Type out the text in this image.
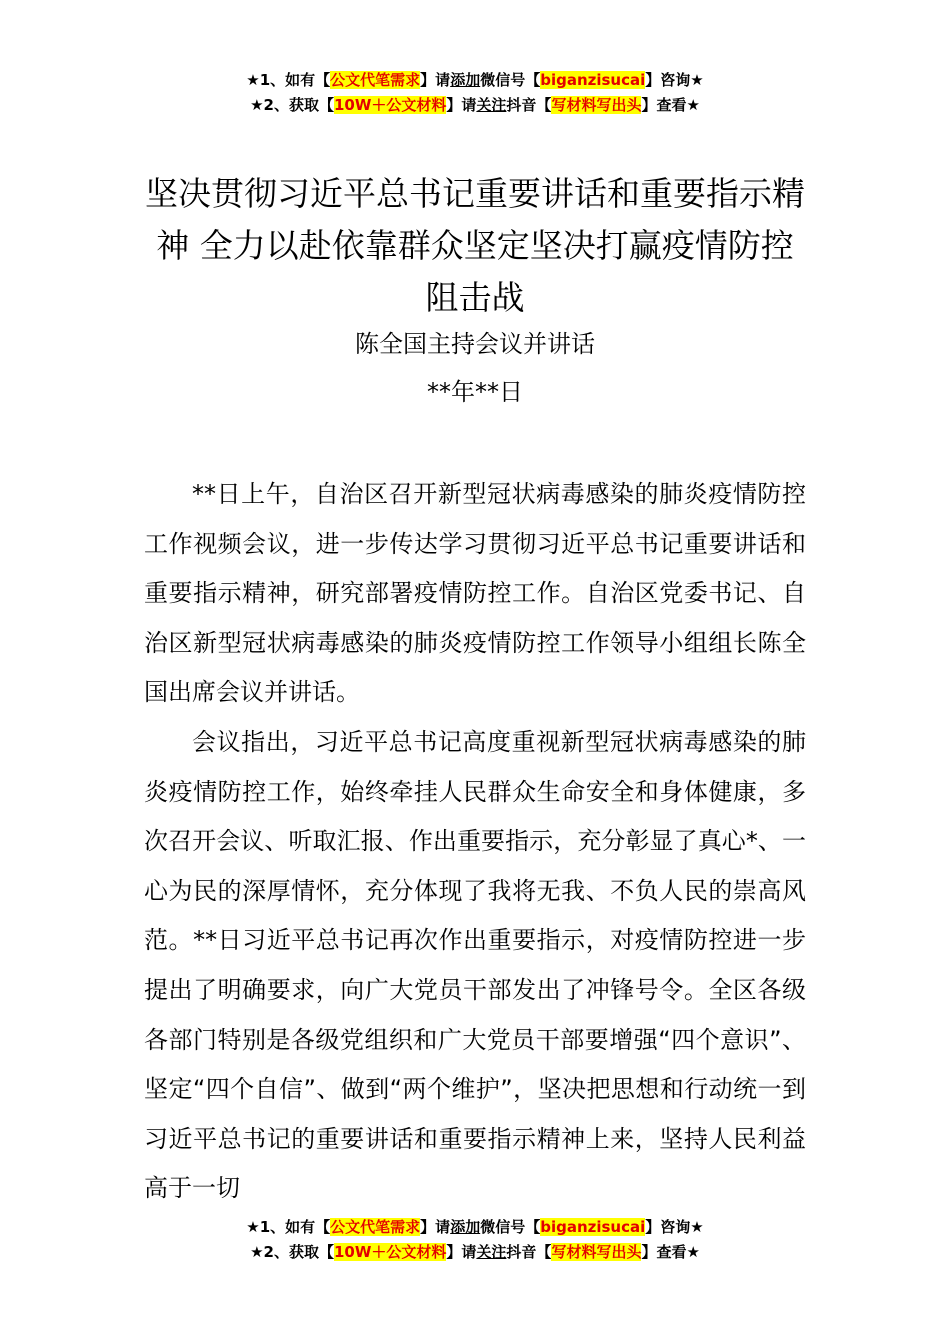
★1、如有【公文代笔需求】请添加微信号【biganzisucai】咨询★
★2、获取【10W＋公文材料】请关注抖音【写材料写出头】查看★
坚决贯彻习近平总书记重要讲话和重要指示精神 全力以赴依靠群众坚定坚决打赢疫情防控阻击战
陈全国主持会议并讲话
**年**日

**日上午，自治区召开新型冠状病毒感染的肺炎疫情防控工作视频会议，进一步传达学习贯彻习近平总书记重要讲话和重要指示精神，研究部署疫情防控工作。自治区党委书记、自治区新型冠状病毒感染的肺炎疫情防控工作领导小组组长陈全国出席会议并讲话。

会议指出，习近平总书记高度重视新型冠状病毒感染的肺炎疫情防控工作，始终牵挂人民群众生命安全和身体健康，多次召开会议、听取汇报、作出重要指示，充分彰显了真心*、一心为民的深厚情怀，充分体现了我将无我、不负人民的崇高风范。**日习近平总书记再次作出重要指示，对疫情防控进一步提出了明确要求，向广大党员干部发出了冲锋号令。全区各级各部门特别是各级党组织和广大党员干部要增强“四个意识”、坚定“四个自信”、做到“两个维护”，坚决把思想和行动统一到习近平总书记的重要讲话和重要指示精神上来，坚持人民利益高于一切

★1、如有【公文代笔需求】请添加微信号【biganzisucai】咨询★
★2、获取【10W＋公文材料】请关注抖音【写材料写出头】查看★
